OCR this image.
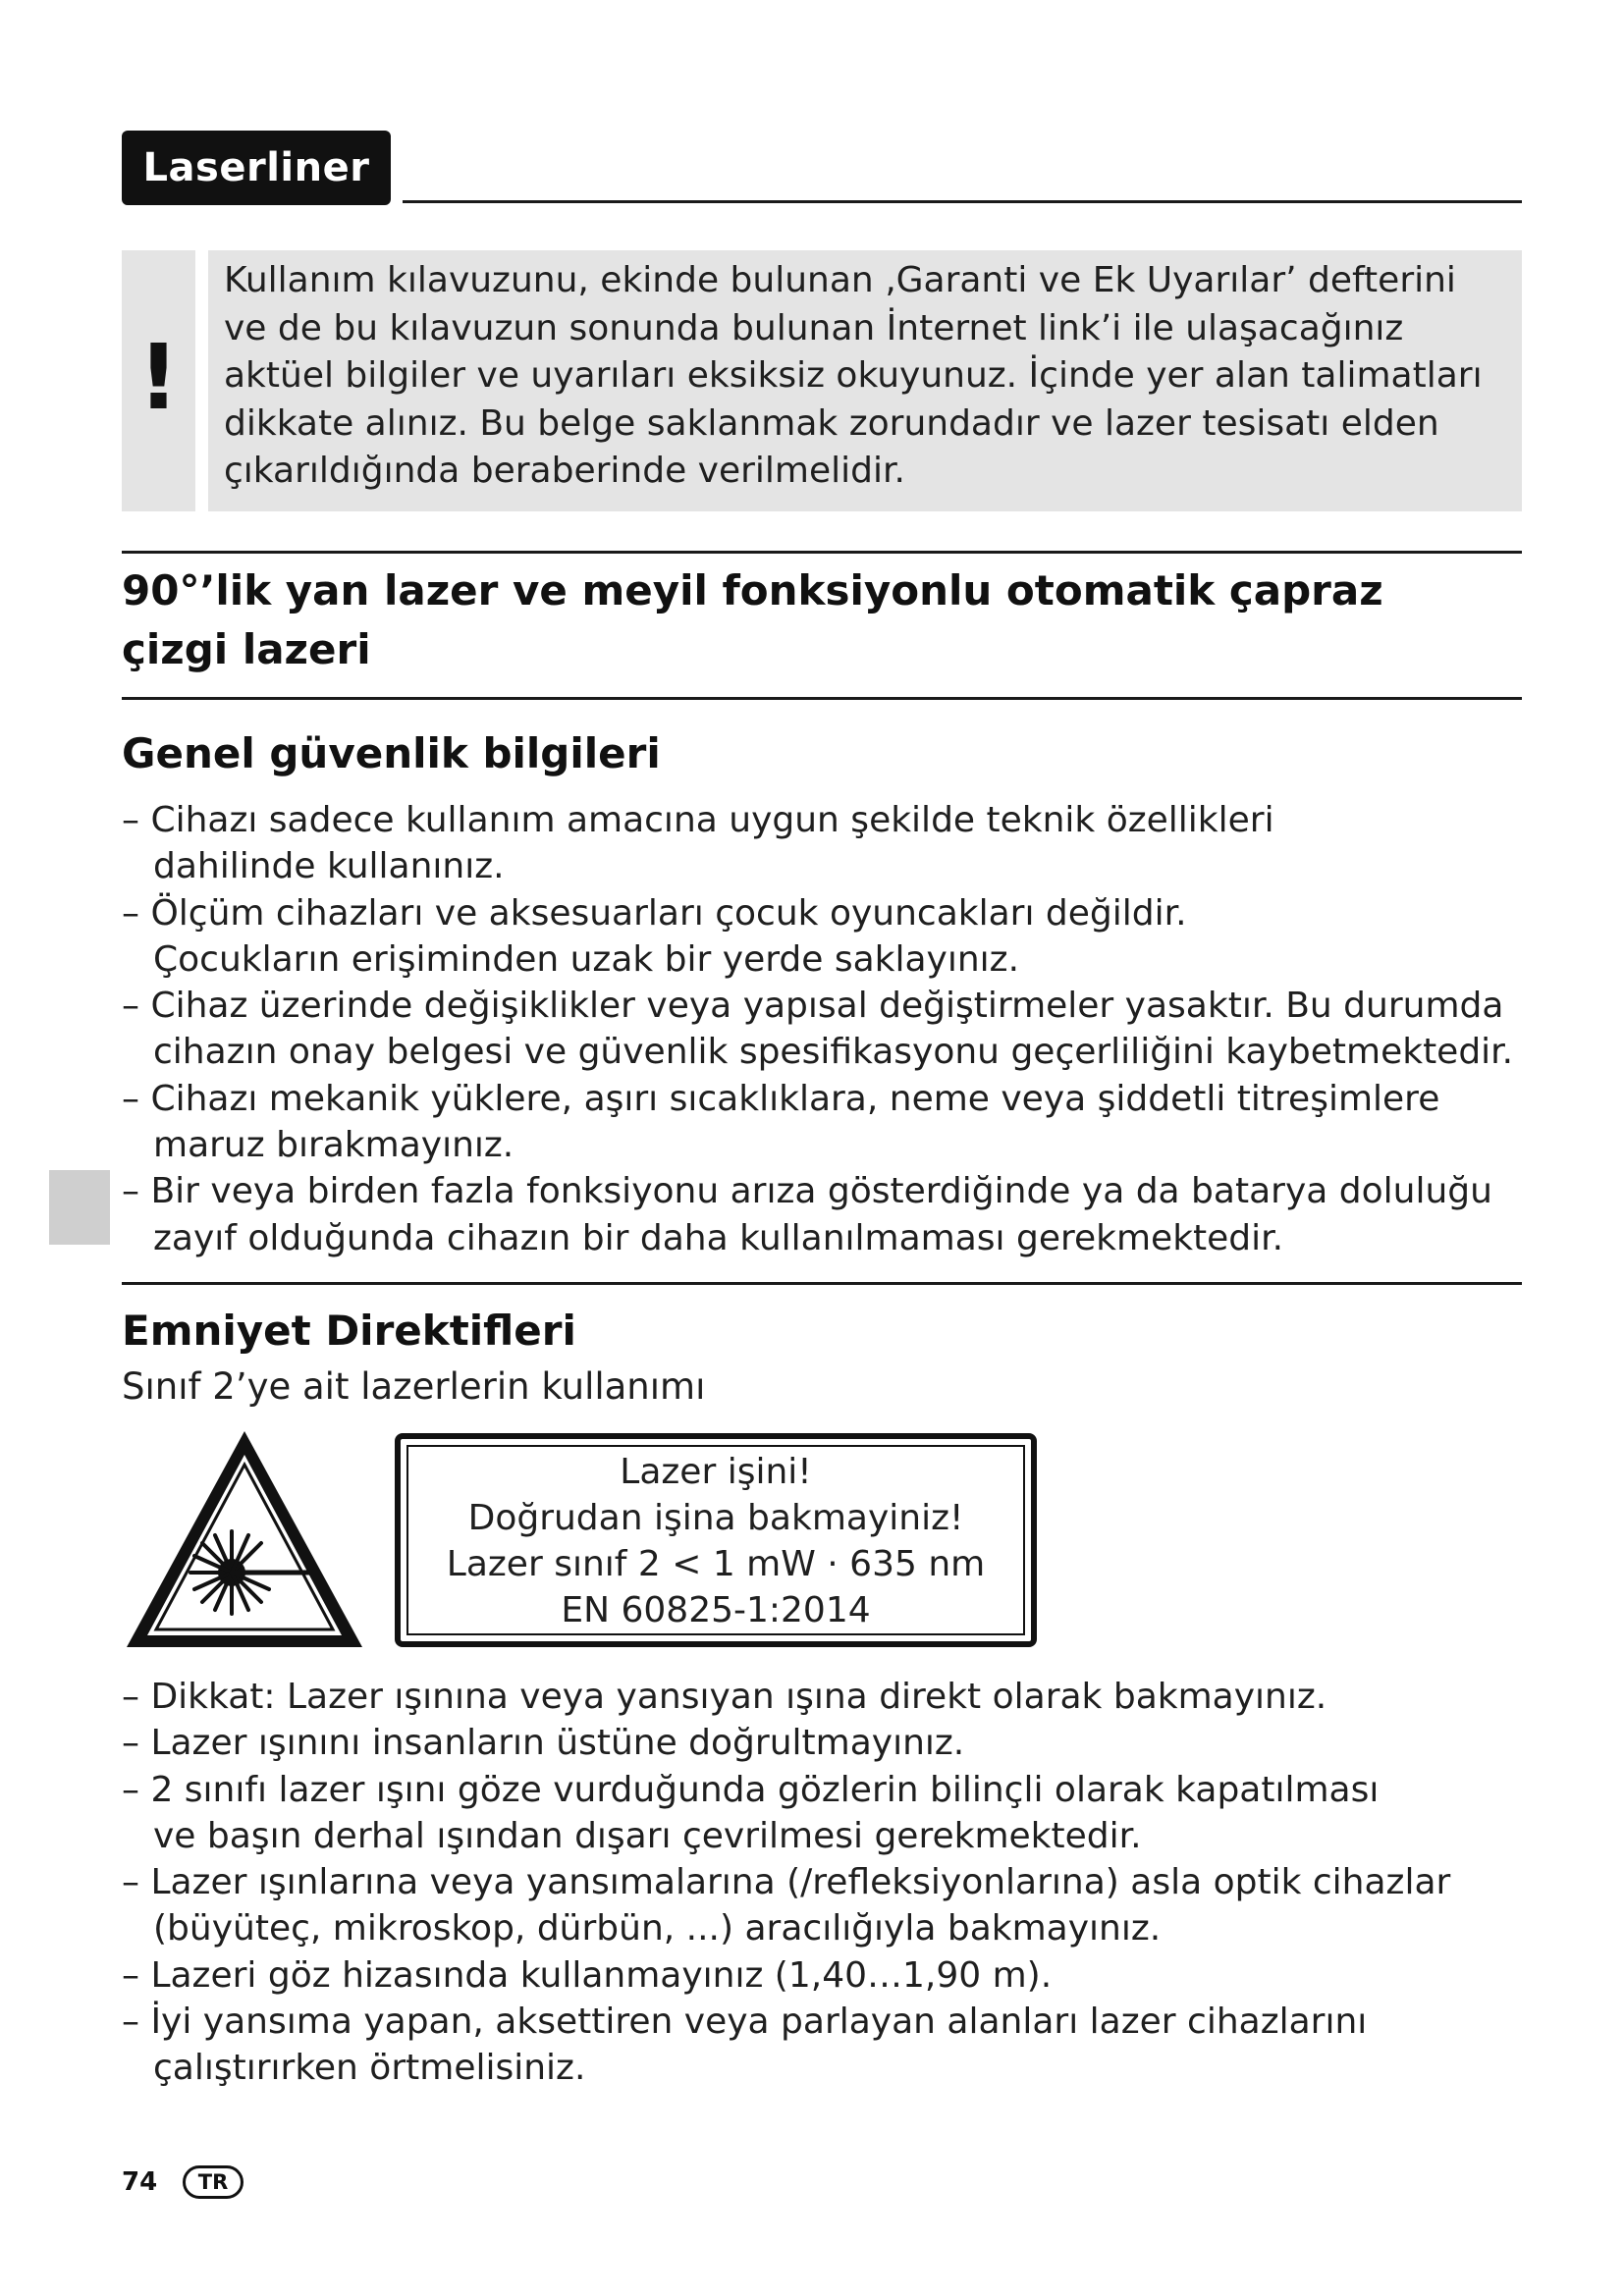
Laserliner
!
Kullanım kılavuzunu, ekinde bulunan ‚Garanti ve Ek Uyarılar’ defterini
ve de bu kılavuzun sonunda bulunan İnternet link’i ile ulaşacağınız
aktüel bilgiler ve uyarıları eksiksiz okuyunuz. İçinde yer alan talimatları
dikkate alınız. Bu belge saklanmak zorundadır ve lazer tesisatı elden
çıkarıldığında beraberinde verilmelidir.
90°’lik yan lazer ve meyil fonksiyonlu otomatik çapraz
çizgi lazeri
Genel güvenlik bilgileri
– Cihazı sadece kullanım amacına uygun şekilde teknik özellikleri
dahilinde kullanınız.
– Ölçüm cihazları ve aksesuarları çocuk oyuncakları değildir.
Çocukların erişiminden uzak bir yerde saklayınız.
– Cihaz üzerinde değişiklikler veya yapısal değiştirmeler yasaktır. Bu durumda
cihazın onay belgesi ve güvenlik spesifikasyonu geçerliliğini kaybetmektedir.
– Cihazı mekanik yüklere, aşırı sıcaklıklara, neme veya şiddetli titreşimlere
maruz bırakmayınız.
– Bir veya birden fazla fonksiyonu arıza gösterdiğinde ya da batarya doluluğu
zayıf olduğunda cihazın bir daha kullanılmaması gerekmektedir.
Emniyet Direktifleri
Sınıf 2’ye ait lazerlerin kullanımı
Lazer işini!
Doğrudan işina bakmayiniz!
Lazer sınıf 2 < 1 mW · 635 nm
EN 60825-1:2014
– Dikkat: Lazer ışınına veya yansıyan ışına direkt olarak bakmayınız.
– Lazer ışınını insanların üstüne doğrultmayınız.
– 2 sınıfı lazer ışını göze vurduğunda gözlerin bilinçli olarak kapatılması
ve başın derhal ışından dışarı çevrilmesi gerekmektedir.
– Lazer ışınlarına veya yansımalarına (/refleksiyonlarına) asla optik cihazlar
(büyüteç, mikroskop, dürbün, ...) aracılığıyla bakmayınız.
– Lazeri göz hizasında kullanmayınız (1,40…1,90 m).
– İyi yansıma yapan, aksettiren veya parlayan alanları lazer cihazlarını
çalıştırırken örtmelisiniz.
74	TR
